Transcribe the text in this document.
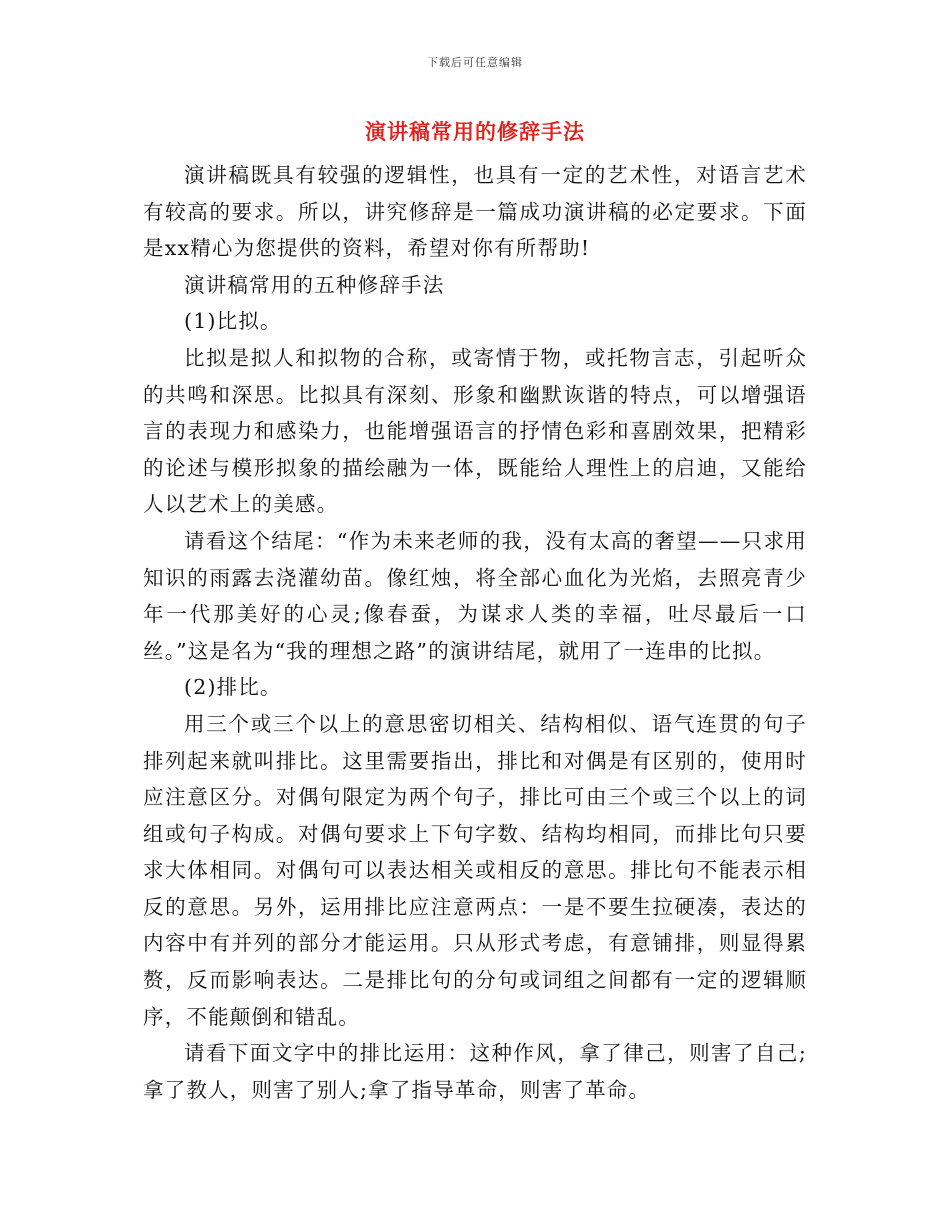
下载后可任意编辑
演讲稿常用的修辞手法

演讲稿既具有较强的逻辑性，也具有一定的艺术性，对语言艺术有较高的要求。所以，讲究修辞是一篇成功演讲稿的必定要求。下面是xx精心为您提供的资料，希望对你有所帮助!

演讲稿常用的五种修辞手法

(1)比拟。

比拟是拟人和拟物的合称，或寄情于物，或托物言志，引起听众的共鸣和深思。比拟具有深刻、形象和幽默诙谐的特点，可以增强语言的表现力和感染力，也能增强语言的抒情色彩和喜剧效果，把精彩的论述与模形拟象的描绘融为一体，既能给人理性上的启迪，又能给人以艺术上的美感。

请看这个结尾：“作为未来老师的我，没有太高的奢望——只求用知识的雨露去浇灌幼苗。像红烛，将全部心血化为光焰，去照亮青少年一代那美好的心灵;像春蚕，为谋求人类的幸福，吐尽最后一口丝。”这是名为“我的理想之路”的演讲结尾，就用了一连串的比拟。

(2)排比。

用三个或三个以上的意思密切相关、结构相似、语气连贯的句子排列起来就叫排比。这里需要指出，排比和对偶是有区别的，使用时应注意区分。对偶句限定为两个句子，排比可由三个或三个以上的词组或句子构成。对偶句要求上下句字数、结构均相同，而排比句只要求大体相同。对偶句可以表达相关或相反的意思。排比句不能表示相反的意思。另外，运用排比应注意两点：一是不要生拉硬凑，表达的内容中有并列的部分才能运用。只从形式考虑，有意铺排，则显得累赘，反而影响表达。二是排比句的分句或词组之间都有一定的逻辑顺序，不能颠倒和错乱。

请看下面文字中的排比运用：这种作风，拿了律己，则害了自己;拿了教人，则害了别人;拿了指导革命，则害了革命。
